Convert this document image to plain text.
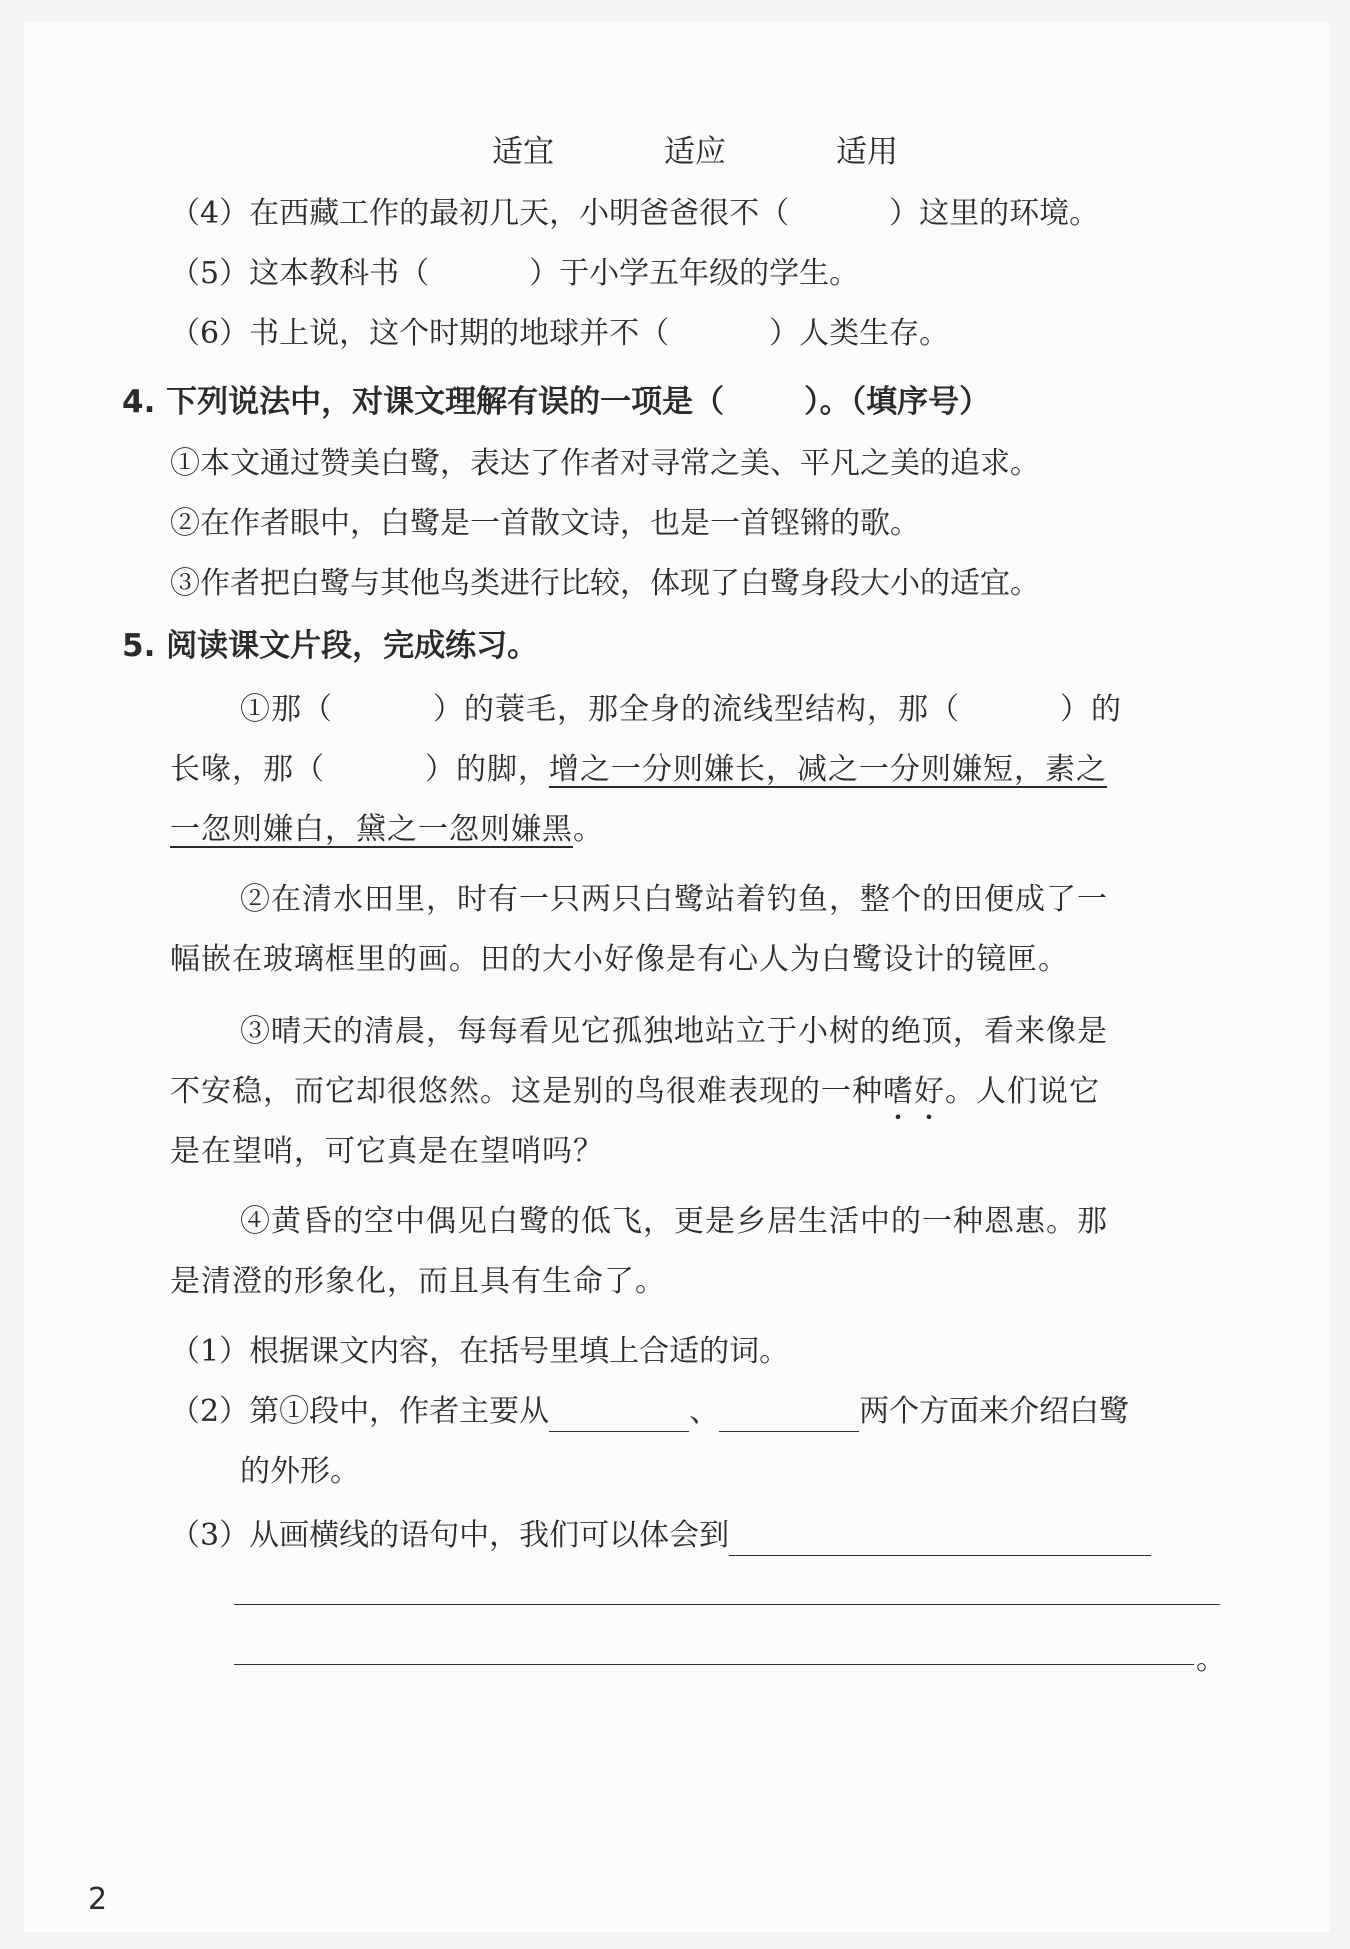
适宜	适应	适用
（4）在西藏工作的最初几天，小明爸爸很不（	）这里的环境。
（5）这本教科书（	）于小学五年级的学生。
（6）书上说，这个时期的地球并不（	）人类生存。
4. 下列说法中，对课文理解有误的一项是（	）。（填序号）
①本文通过赞美白鹭，表达了作者对寻常之美、平凡之美的追求。
②在作者眼中，白鹭是一首散文诗，也是一首铿锵的歌。
③作者把白鹭与其他鸟类进行比较，体现了白鹭身段大小的适宜。
5. 阅读课文片段，完成练习。
①那（	）的蓑毛，那全身的流线型结构，那（	）的
长喙，那（	）的脚，增之一分则嫌长，减之一分则嫌短，素之
一忽则嫌白，黛之一忽则嫌黑。
②在清水田里，时有一只两只白鹭站着钓鱼，整个的田便成了一
幅嵌在玻璃框里的画。田的大小好像是有心人为白鹭设计的镜匣。
③晴天的清晨，每每看见它孤独地站立于小树的绝顶，看来像是
不安稳，而它却很悠然。这是别的鸟很难表现的一种嗜好。人们说它
是在望哨，可它真是在望哨吗？
④黄昏的空中偶见白鹭的低飞，更是乡居生活中的一种恩惠。那
是清澄的形象化，而且具有生命了。
（1）根据课文内容，在括号里填上合适的词。
（2）第①段中，作者主要从	、	两个方面来介绍白鹭
的外形。
（3）从画横线的语句中，我们可以体会到
。
2
